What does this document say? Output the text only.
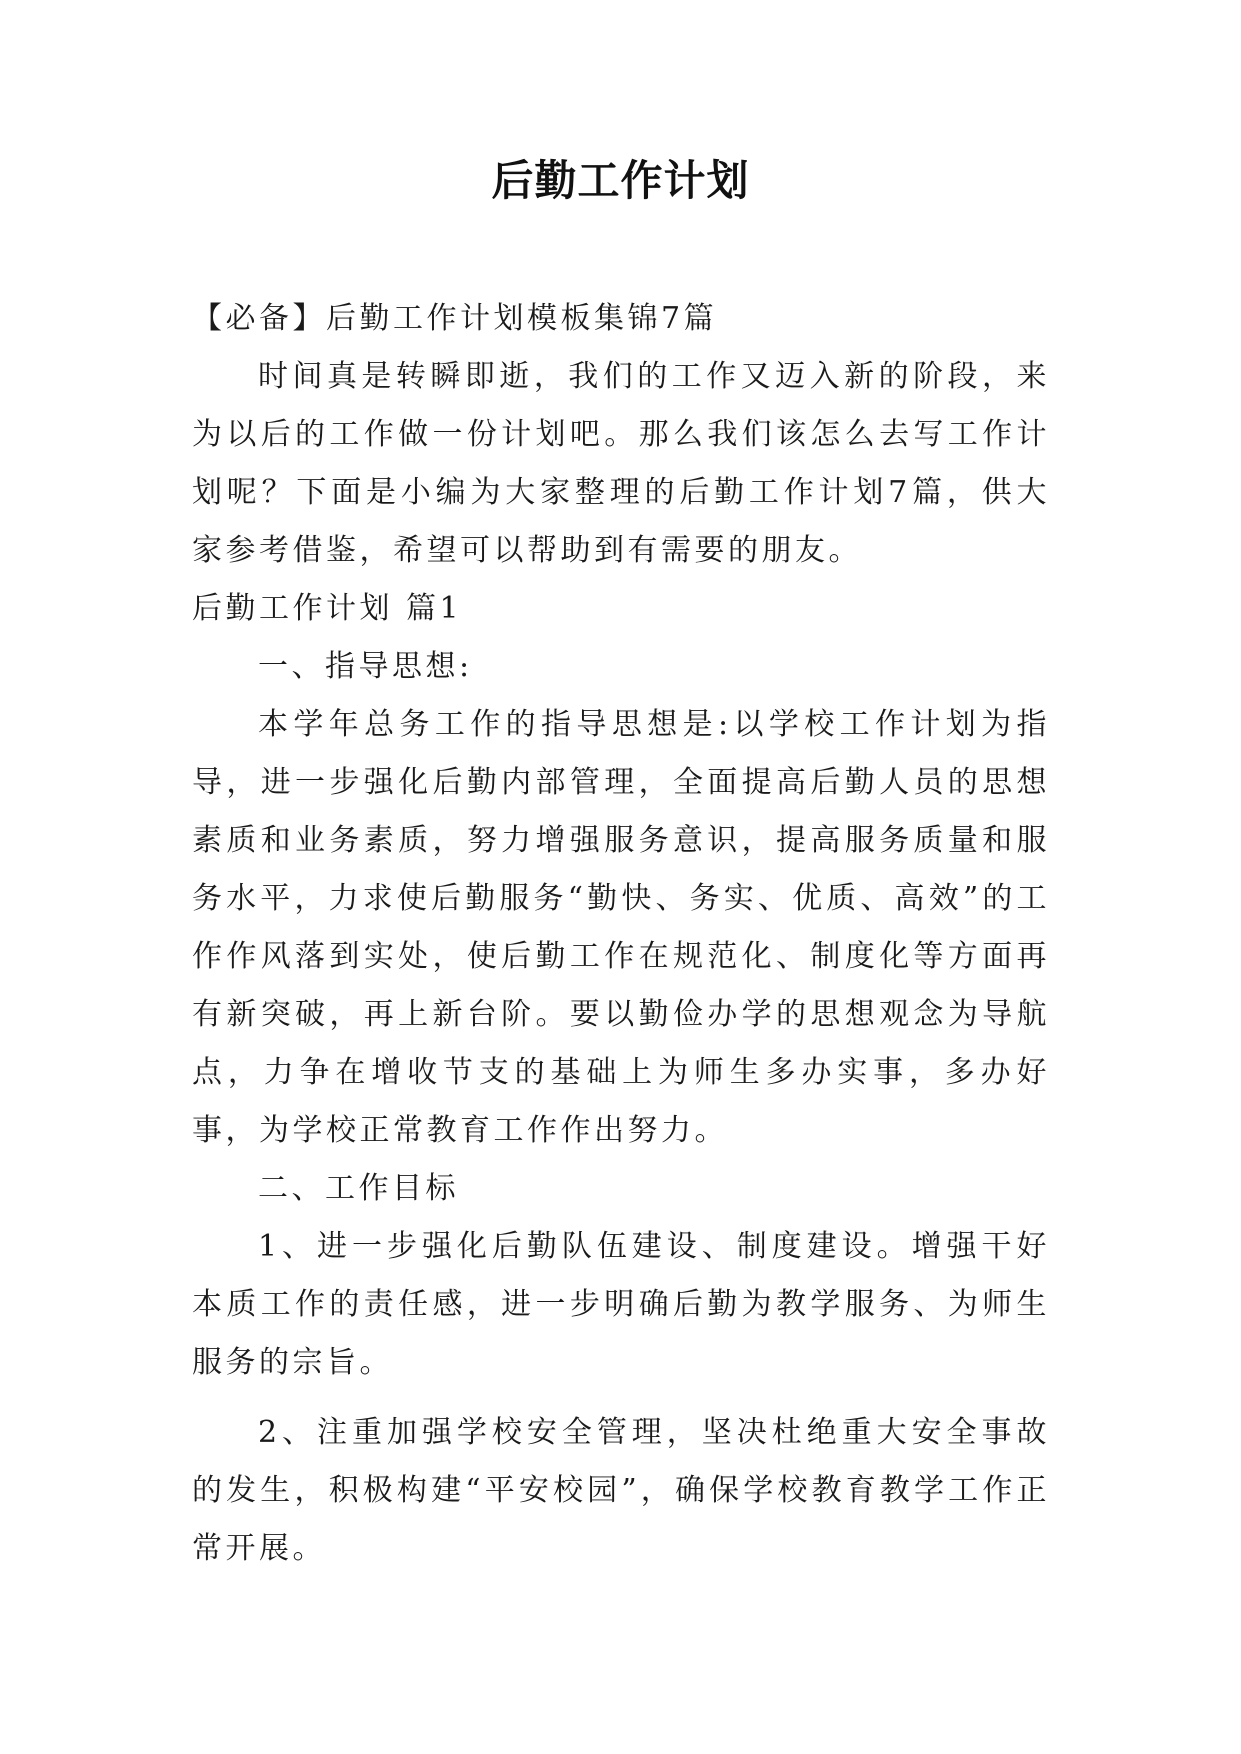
后勤工作计划

【必备】后勤工作计划模板集锦7篇

时间真是转瞬即逝，我们的工作又迈入新的阶段，来为以后的工作做一份计划吧。那么我们该怎么去写工作计划呢？下面是小编为大家整理的后勤工作计划7篇，供大家参考借鉴，希望可以帮助到有需要的朋友。

后勤工作计划 篇1

一、指导思想:

本学年总务工作的指导思想是:以学校工作计划为指导，进一步强化后勤内部管理，全面提高后勤人员的思想素质和业务素质，努力增强服务意识，提高服务质量和服务水平，力求使后勤服务“勤快、务实、优质、高效”的工作作风落到实处，使后勤工作在规范化、制度化等方面再有新突破，再上新台阶。要以勤俭办学的思想观念为导航点，力争在增收节支的基础上为师生多办实事，多办好事，为学校正常教育工作作出努力。

二、工作目标

1、进一步强化后勤队伍建设、制度建设。增强干好本质工作的责任感，进一步明确后勤为教学服务、为师生服务的宗旨。

2、注重加强学校安全管理，坚决杜绝重大安全事故的发生，积极构建“平安校园”，确保学校教育教学工作正常开展。
